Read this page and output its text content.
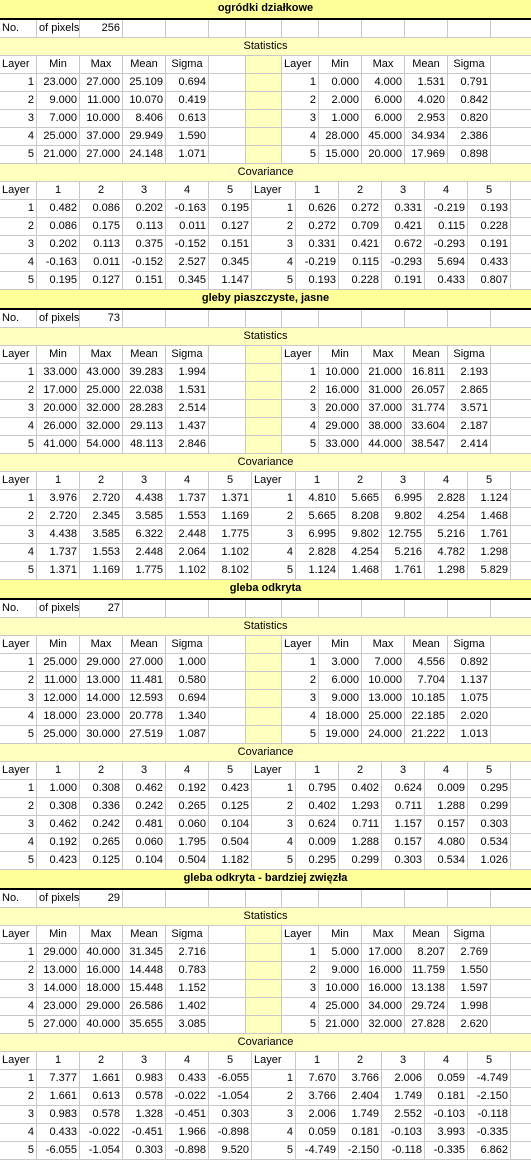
ogródki działkowe
No.	of pixels	256
Statistics
Layer	Min	Max	Mean	Sigma	Layer	Min	Max	Mean	Sigma
1 23.000 27.000 25.109	0.694	1	0.000	4.000	1.531	0.791
2	9.000 11.000 10.070	0.419	2	2.000	6.000	4.020	0.842
3	7.000 10.000	8.406	0.613	3	1.000	6.000	2.953	0.820
4 25.000 37.000 29.949	1.590	4 28.000 45.000 34.934	2.386
5 21.000 27.000 24.148	1.071	5 15.000 20.000 17.969	0.898
Covariance
Layer	1	2	3	4	5	Layer	1	2	3	4	5
1	0.482	0.086	0.202	-0.163	0.195	1	0.626	0.272	0.331	-0.219	0.193
2	0.086	0.175	0.113	0.011	0.127	2	0.272	0.709	0.421	0.115	0.228
3	0.202	0.113	0.375	-0.152	0.151	3	0.331	0.421	0.672	-0.293	0.191
4	-0.163	0.011	-0.152	2.527	0.345	4	-0.219	0.115	-0.293	5.694	0.433
5	0.195	0.127	0.151	0.345	1.147	5	0.193	0.228	0.191	0.433	0.807
gleby piaszczyste, jasne
No.	of pixels	73
Statistics
Layer	Min	Max	Mean	Sigma	Layer	Min	Max	Mean	Sigma
1 33.000 43.000 39.283	1.994	1 10.000 21.000 16.811	2.193
2 17.000 25.000 22.038	1.531	2 16.000 31.000 26.057	2.865
3 20.000 32.000 28.283	2.514	3 20.000 37.000 31.774	3.571
4 26.000 32.000 29.113	1.437	4 29.000 38.000 33.604	2.187
5 41.000 54.000 48.113	2.846	5 33.000 44.000 38.547	2.414
Covariance
Layer	1	2	3	4	5	Layer	1	2	3	4	5
1	3.976	2.720	4.438	1.737	1.371	1	4.810	5.665	6.995	2.828	1.124
2	2.720	2.345	3.585	1.553	1.169	2	5.665	8.208	9.802	4.254	1.468
3	4.438	3.585	6.322	2.448	1.775	3	6.995	9.802 12.755	5.216	1.761
4	1.737	1.553	2.448	2.064	1.102	4	2.828	4.254	5.216	4.782	1.298
5	1.371	1.169	1.775	1.102	8.102	5	1.124	1.468	1.761	1.298	5.829
gleba odkryta
No.	of pixels	27
Statistics
Layer	Min	Max	Mean	Sigma	Layer	Min	Max	Mean	Sigma
1 25.000 29.000 27.000	1.000	1	3.000	7.000	4.556	0.892
2 11.000 13.000 11.481	0.580	2	6.000 10.000	7.704	1.137
3 12.000 14.000 12.593	0.694	3	9.000 13.000 10.185	1.075
4 18.000 23.000 20.778	1.340	4 18.000 25.000 22.185	2.020
5 25.000 30.000 27.519	1.087	5 19.000 24.000 21.222	1.013
Covariance
Layer	1	2	3	4	5	Layer	1	2	3	4	5
1	1.000	0.308	0.462	0.192	0.423	1	0.795	0.402	0.624	0.009	0.295
2	0.308	0.336	0.242	0.265	0.125	2	0.402	1.293	0.711	1.288	0.299
3	0.462	0.242	0.481	0.060	0.104	3	0.624	0.711	1.157	0.157	0.303
4	0.192	0.265	0.060	1.795	0.504	4	0.009	1.288	0.157	4.080	0.534
5	0.423	0.125	0.104	0.504	1.182	5	0.295	0.299	0.303	0.534	1.026
gleba odkryta - bardziej zwięzła
No.	of pixels	29
Statistics
Layer	Min	Max	Mean	Sigma	Layer	Min	Max	Mean	Sigma
1 29.000 40.000 31.345	2.716	1	5.000 17.000	8.207	2.769
2 13.000 16.000 14.448	0.783	2	9.000 16.000 11.759	1.550
3 14.000 18.000 15.448	1.152	3 10.000 16.000 13.138	1.597
4 23.000 29.000 26.586	1.402	4 25.000 34.000 29.724	1.998
5 27.000 40.000 35.655	3.085	5 21.000 32.000 27.828	2.620
Covariance
Layer	1	2	3	4	5	Layer	1	2	3	4	5
1	7.377	1.661	0.983	0.433	-6.055	1	7.670	3.766	2.006	0.059	-4.749
2	1.661	0.613	0.578	-0.022	-1.054	2	3.766	2.404	1.749	0.181	-2.150
3	0.983	0.578	1.328	-0.451	0.303	3	2.006	1.749	2.552	-0.103	-0.118
4	0.433	-0.022	-0.451	1.966	-0.898	4	0.059	0.181	-0.103	3.993	-0.335
5	-6.055	-1.054	0.303	-0.898	9.520	5	-4.749	-2.150	-0.118	-0.335	6.862
